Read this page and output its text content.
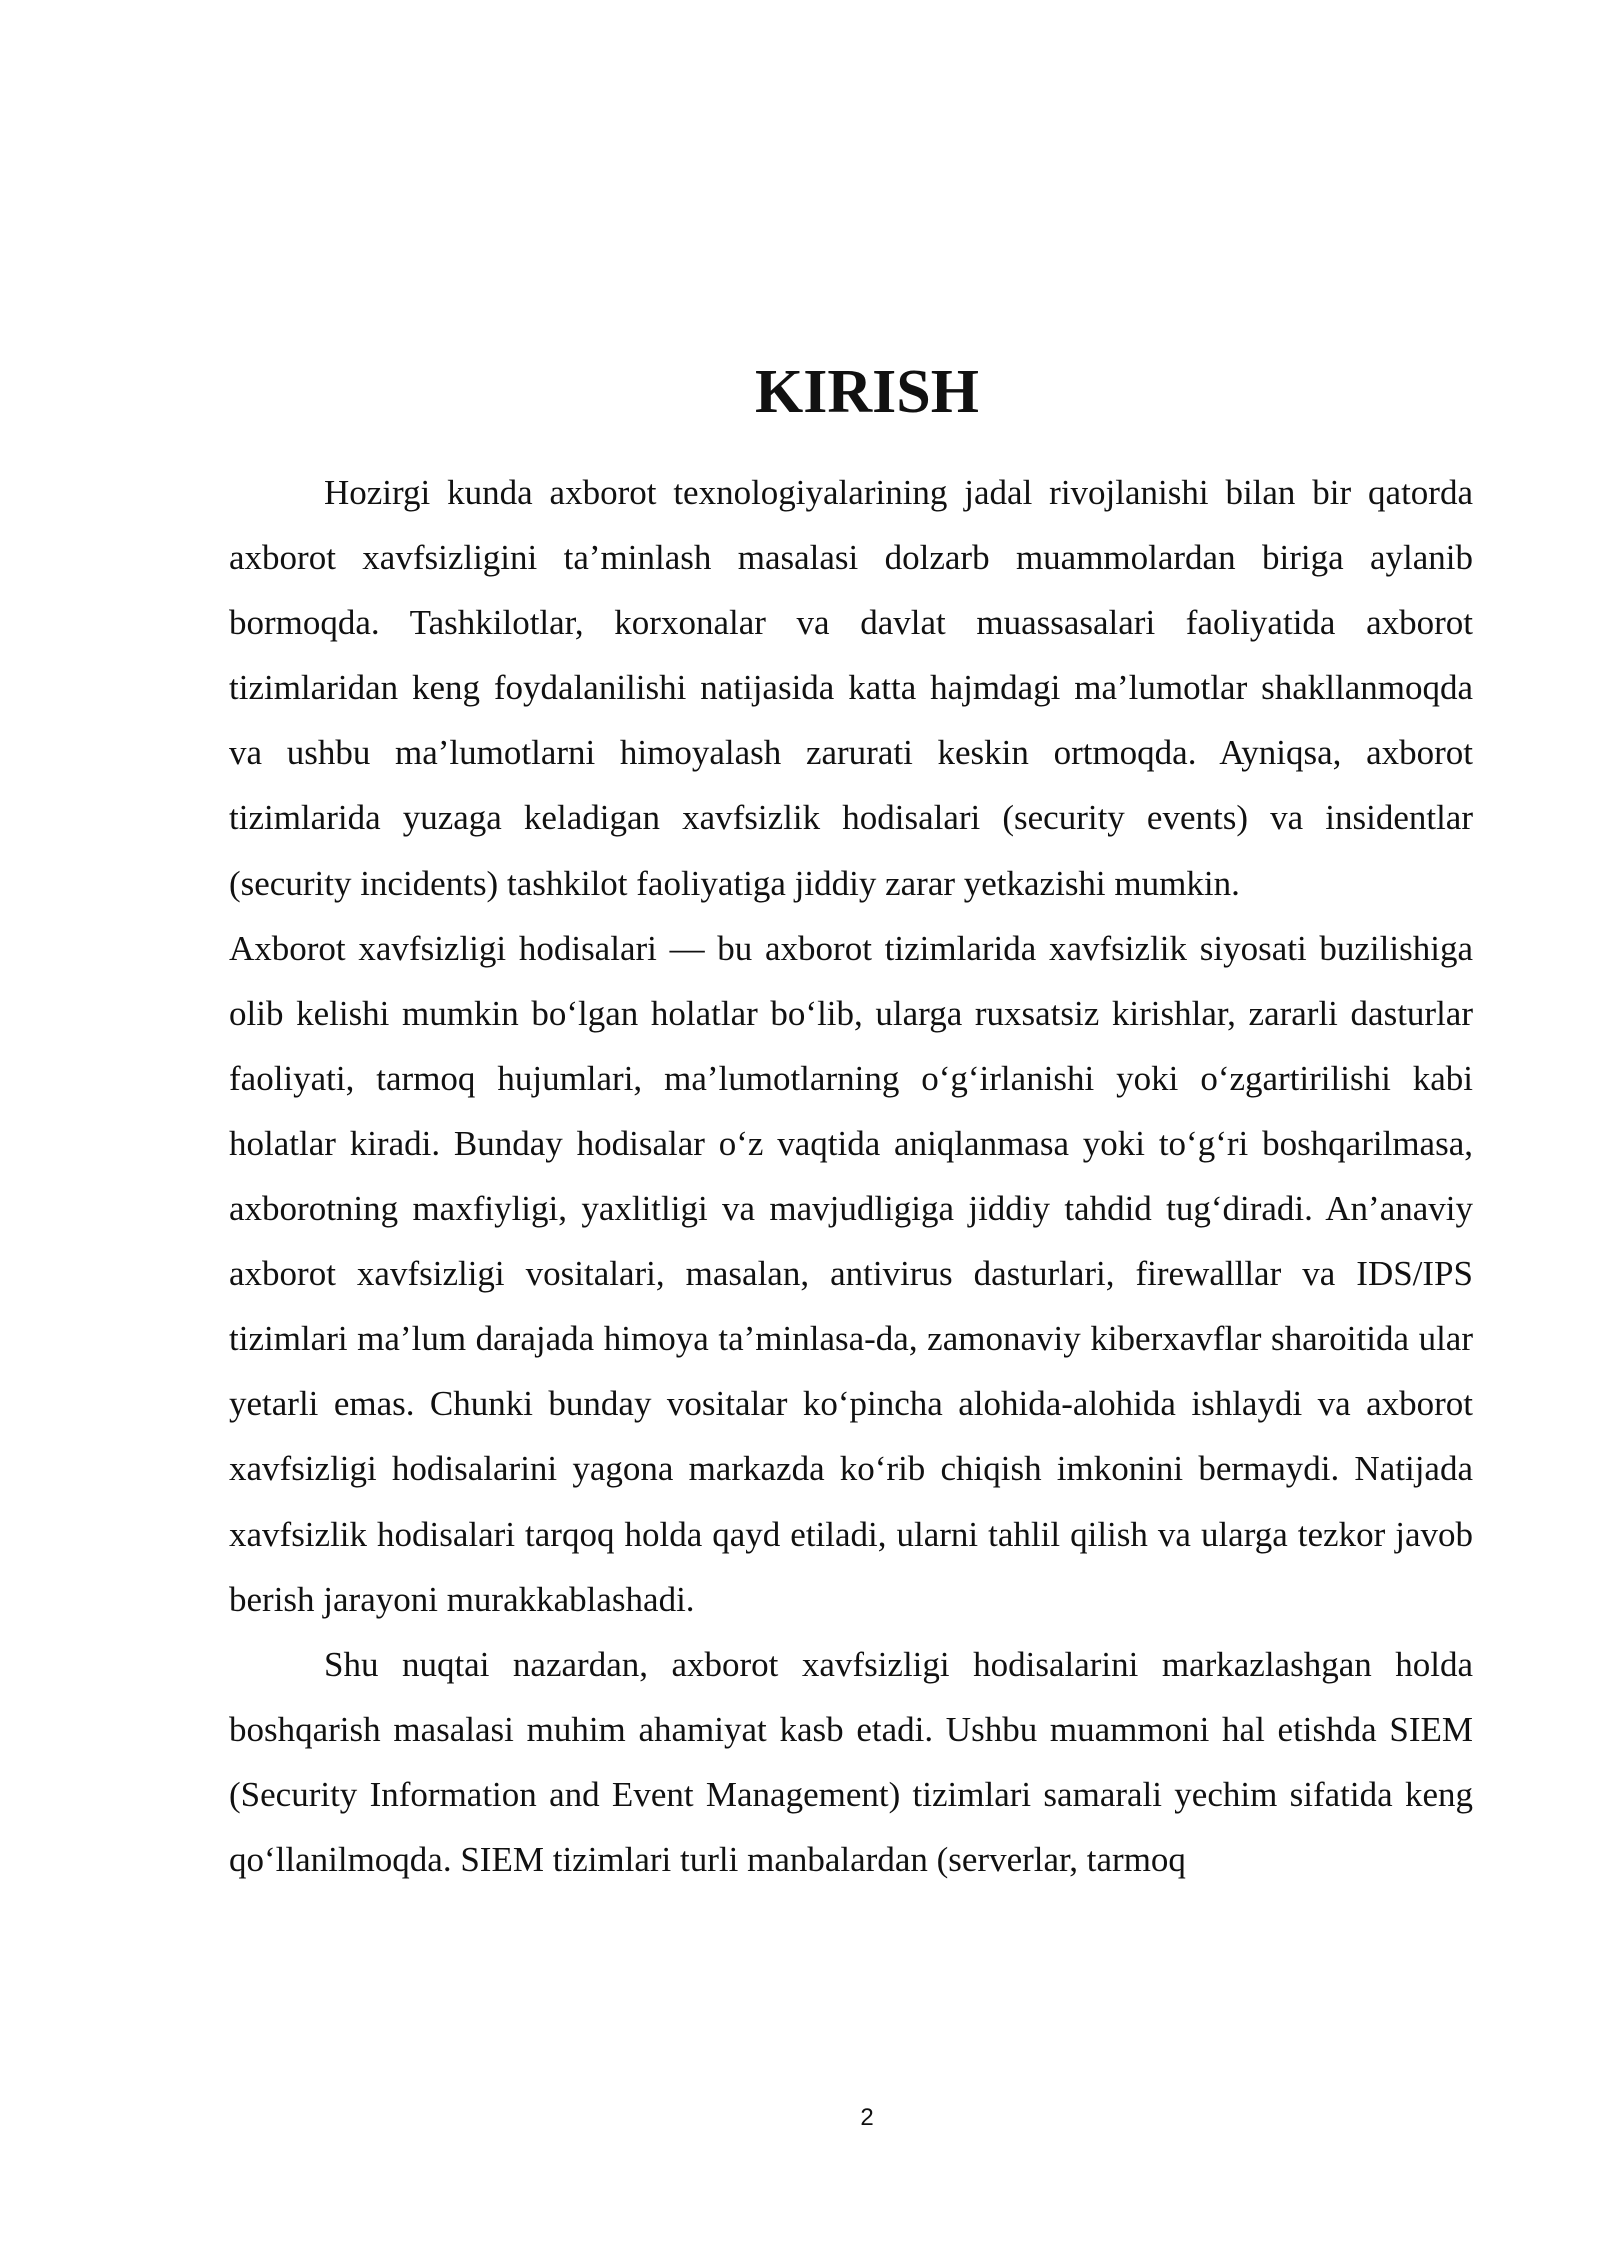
KIRISH

Hozirgi kunda axborot texnologiyalarining jadal rivojlanishi bilan bir qatorda axborot xavfsizligini ta’minlash masalasi dolzarb muammolardan biriga aylanib bormoqda. Tashkilotlar, korxonalar va davlat muassasalari faoliyatida axborot tizimlaridan keng foydalanilishi natijasida katta hajmdagi ma’lumotlar shakllanmoqda va ushbu ma’lumotlarni himoyalash zarurati keskin ortmoqda. Ayniqsa, axborot tizimlarida yuzaga keladigan xavfsizlik hodisalari (security events) va insidentlar (security incidents) tashkilot faoliyatiga jiddiy zarar yetkazishi mumkin.

Axborot xavfsizligi hodisalari — bu axborot tizimlarida xavfsizlik siyosati buzilishiga olib kelishi mumkin bo‘lgan holatlar bo‘lib, ularga ruxsatsiz kirishlar, zararli dasturlar faoliyati, tarmoq hujumlari, ma’lumotlarning o‘g‘irlanishi yoki o‘zgartirilishi kabi holatlar kiradi. Bunday hodisalar o‘z vaqtida aniqlanmasa yoki to‘g‘ri boshqarilmasa, axborotning maxfiyligi, yaxlitligi va mavjudligiga jiddiy tahdid tug‘diradi. An’anaviy axborot xavfsizligi vositalari, masalan, antivirus dasturlari, firewalllar va IDS/IPS tizimlari ma’lum darajada himoya ta’minlasa-da, zamonaviy kiberxavflar sharoitida ular yetarli emas. Chunki bunday vositalar ko‘pincha alohida-alohida ishlaydi va axborot xavfsizligi hodisalarini yagona markazda ko‘rib chiqish imkonini bermaydi. Natijada xavfsizlik hodisalari tarqoq holda qayd etiladi, ularni tahlil qilish va ularga tezkor javob berish jarayoni murakkablashadi.

Shu nuqtai nazardan, axborot xavfsizligi hodisalarini markazlashgan holda boshqarish masalasi muhim ahamiyat kasb etadi. Ushbu muammoni hal etishda SIEM (Security Information and Event Management) tizimlari samarali yechim sifatida keng qo‘llanilmoqda. SIEM tizimlari turli manbalardan (serverlar, tarmoq

2
